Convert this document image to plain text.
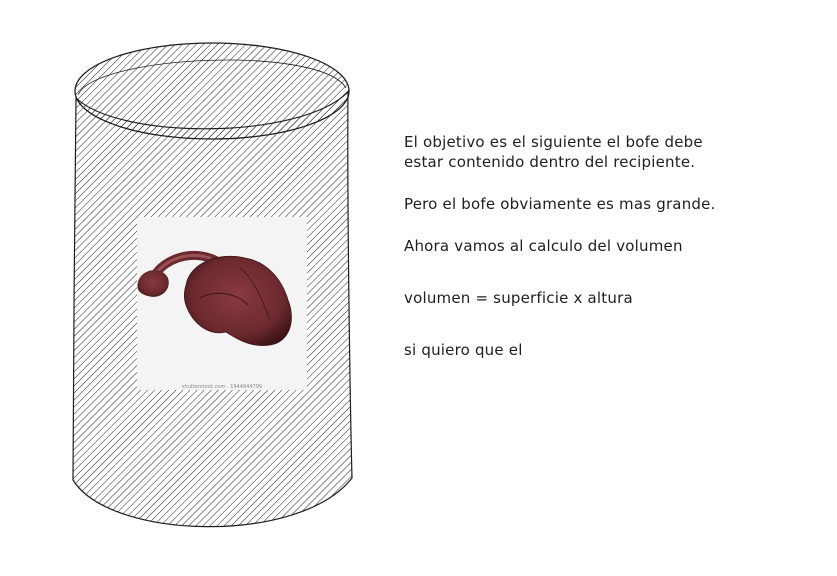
shutterstock.com · 1944844799
El objetivo es el siguiente el bofe debe
estar contenido dentro del recipiente.
Pero el bofe obviamente es mas grande.
Ahora vamos al calculo del volumen
volumen = superficie x altura
si quiero que el
